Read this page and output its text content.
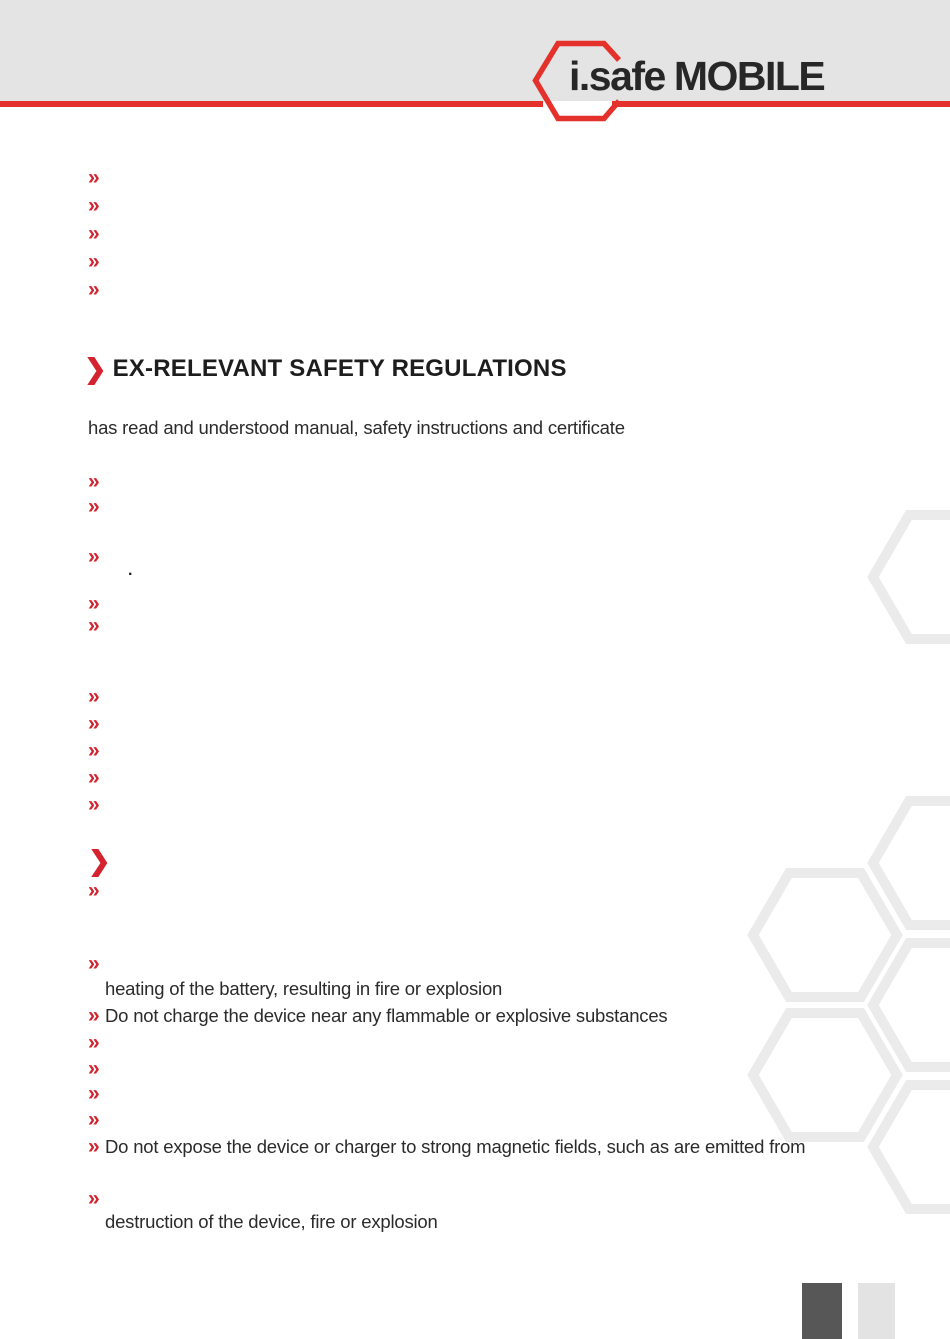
i.safe MOBILE
»
»
»
»
»
❯ EX-RELEVANT SAFETY REGULATIONS
has read and understood manual, safety instructions and certificate
»
»
»
.
»
»
»
»
»
»
»
❯
»
»
heating of the battery, resulting in fire or explosion
» Do not charge the device near any flammable or explosive substances
»
»
»
»
» Do not expose the device or charger to strong magnetic fields, such as are emitted from
»
destruction of the device, fire or explosion
